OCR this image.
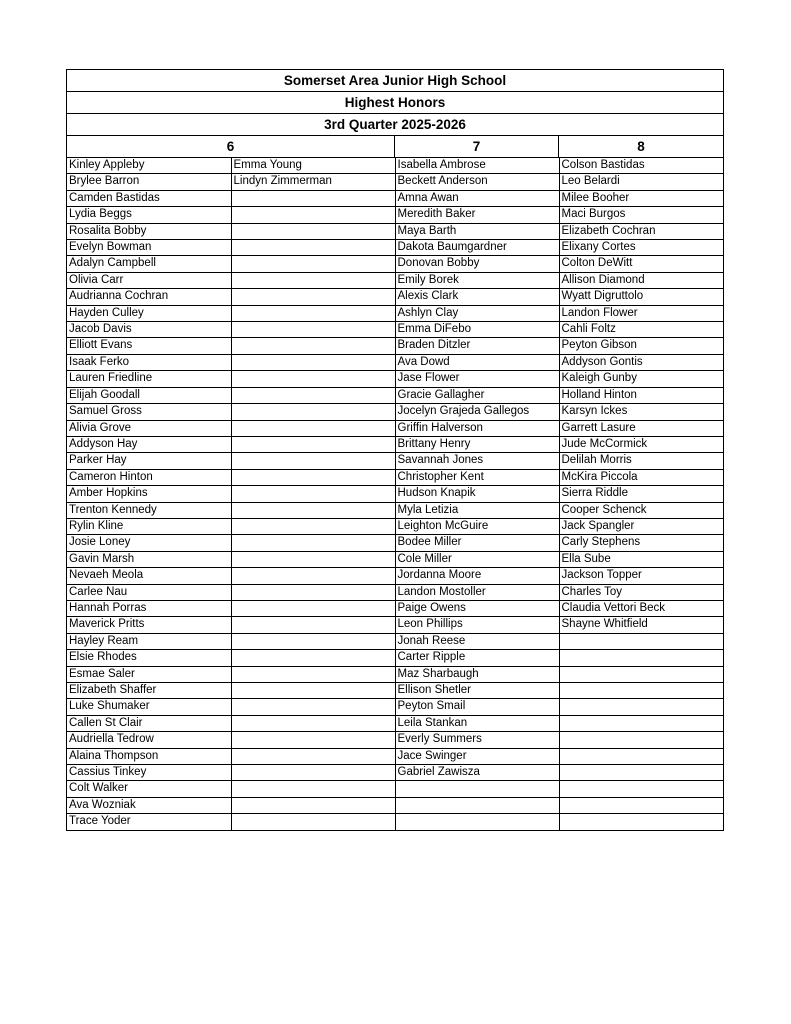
Somerset Area Junior High School
Highest Honors
3rd Quarter 2025-2026
6	7	8
Kinley Appleby	Emma Young	Isabella Ambrose	Colson Bastidas
Brylee Barron	Lindyn Zimmerman	Beckett Anderson	Leo Belardi
Camden Bastidas		Amna Awan	Milee Booher
Lydia Beggs		Meredith Baker	Maci Burgos
Rosalita Bobby		Maya Barth	Elizabeth Cochran
Evelyn Bowman		Dakota Baumgardner	Elixany Cortes
Adalyn Campbell		Donovan Bobby	Colton DeWitt
Olivia Carr		Emily Borek	Allison Diamond
Audrianna Cochran		Alexis Clark	Wyatt Digruttolo
Hayden Culley		Ashlyn Clay	Landon Flower
Jacob Davis		Emma DiFebo	Cahli Foltz
Elliott Evans		Braden Ditzler	Peyton Gibson
Isaak Ferko		Ava Dowd	Addyson Gontis
Lauren Friedline		Jase Flower	Kaleigh Gunby
Elijah Goodall		Gracie Gallagher	Holland Hinton
Samuel Gross		Jocelyn Grajeda Gallegos	Karsyn Ickes
Alivia Grove		Griffin Halverson	Garrett Lasure
Addyson Hay		Brittany Henry	Jude McCormick
Parker Hay		Savannah Jones	Delilah Morris
Cameron Hinton		Christopher Kent	McKira Piccola
Amber Hopkins		Hudson Knapik	Sierra Riddle
Trenton Kennedy		Myla Letizia	Cooper Schenck
Rylin Kline		Leighton McGuire	Jack Spangler
Josie Loney		Bodee Miller	Carly Stephens
Gavin Marsh		Cole Miller	Ella Sube
Nevaeh Meola		Jordanna Moore	Jackson Topper
Carlee Nau		Landon Mostoller	Charles Toy
Hannah Porras		Paige Owens	Claudia Vettori Beck
Maverick Pritts		Leon Phillips	Shayne Whitfield
Hayley Ream		Jonah Reese	
Elsie Rhodes		Carter Ripple	
Esmae Saler		Maz Sharbaugh	
Elizabeth Shaffer		Ellison Shetler	
Luke Shumaker		Peyton Smail	
Callen St Clair		Leila Stankan	
Audriella Tedrow		Everly Summers	
Alaina Thompson		Jace Swinger	
Cassius Tinkey		Gabriel Zawisza	
Colt Walker			
Ava Wozniak			
Trace Yoder			
